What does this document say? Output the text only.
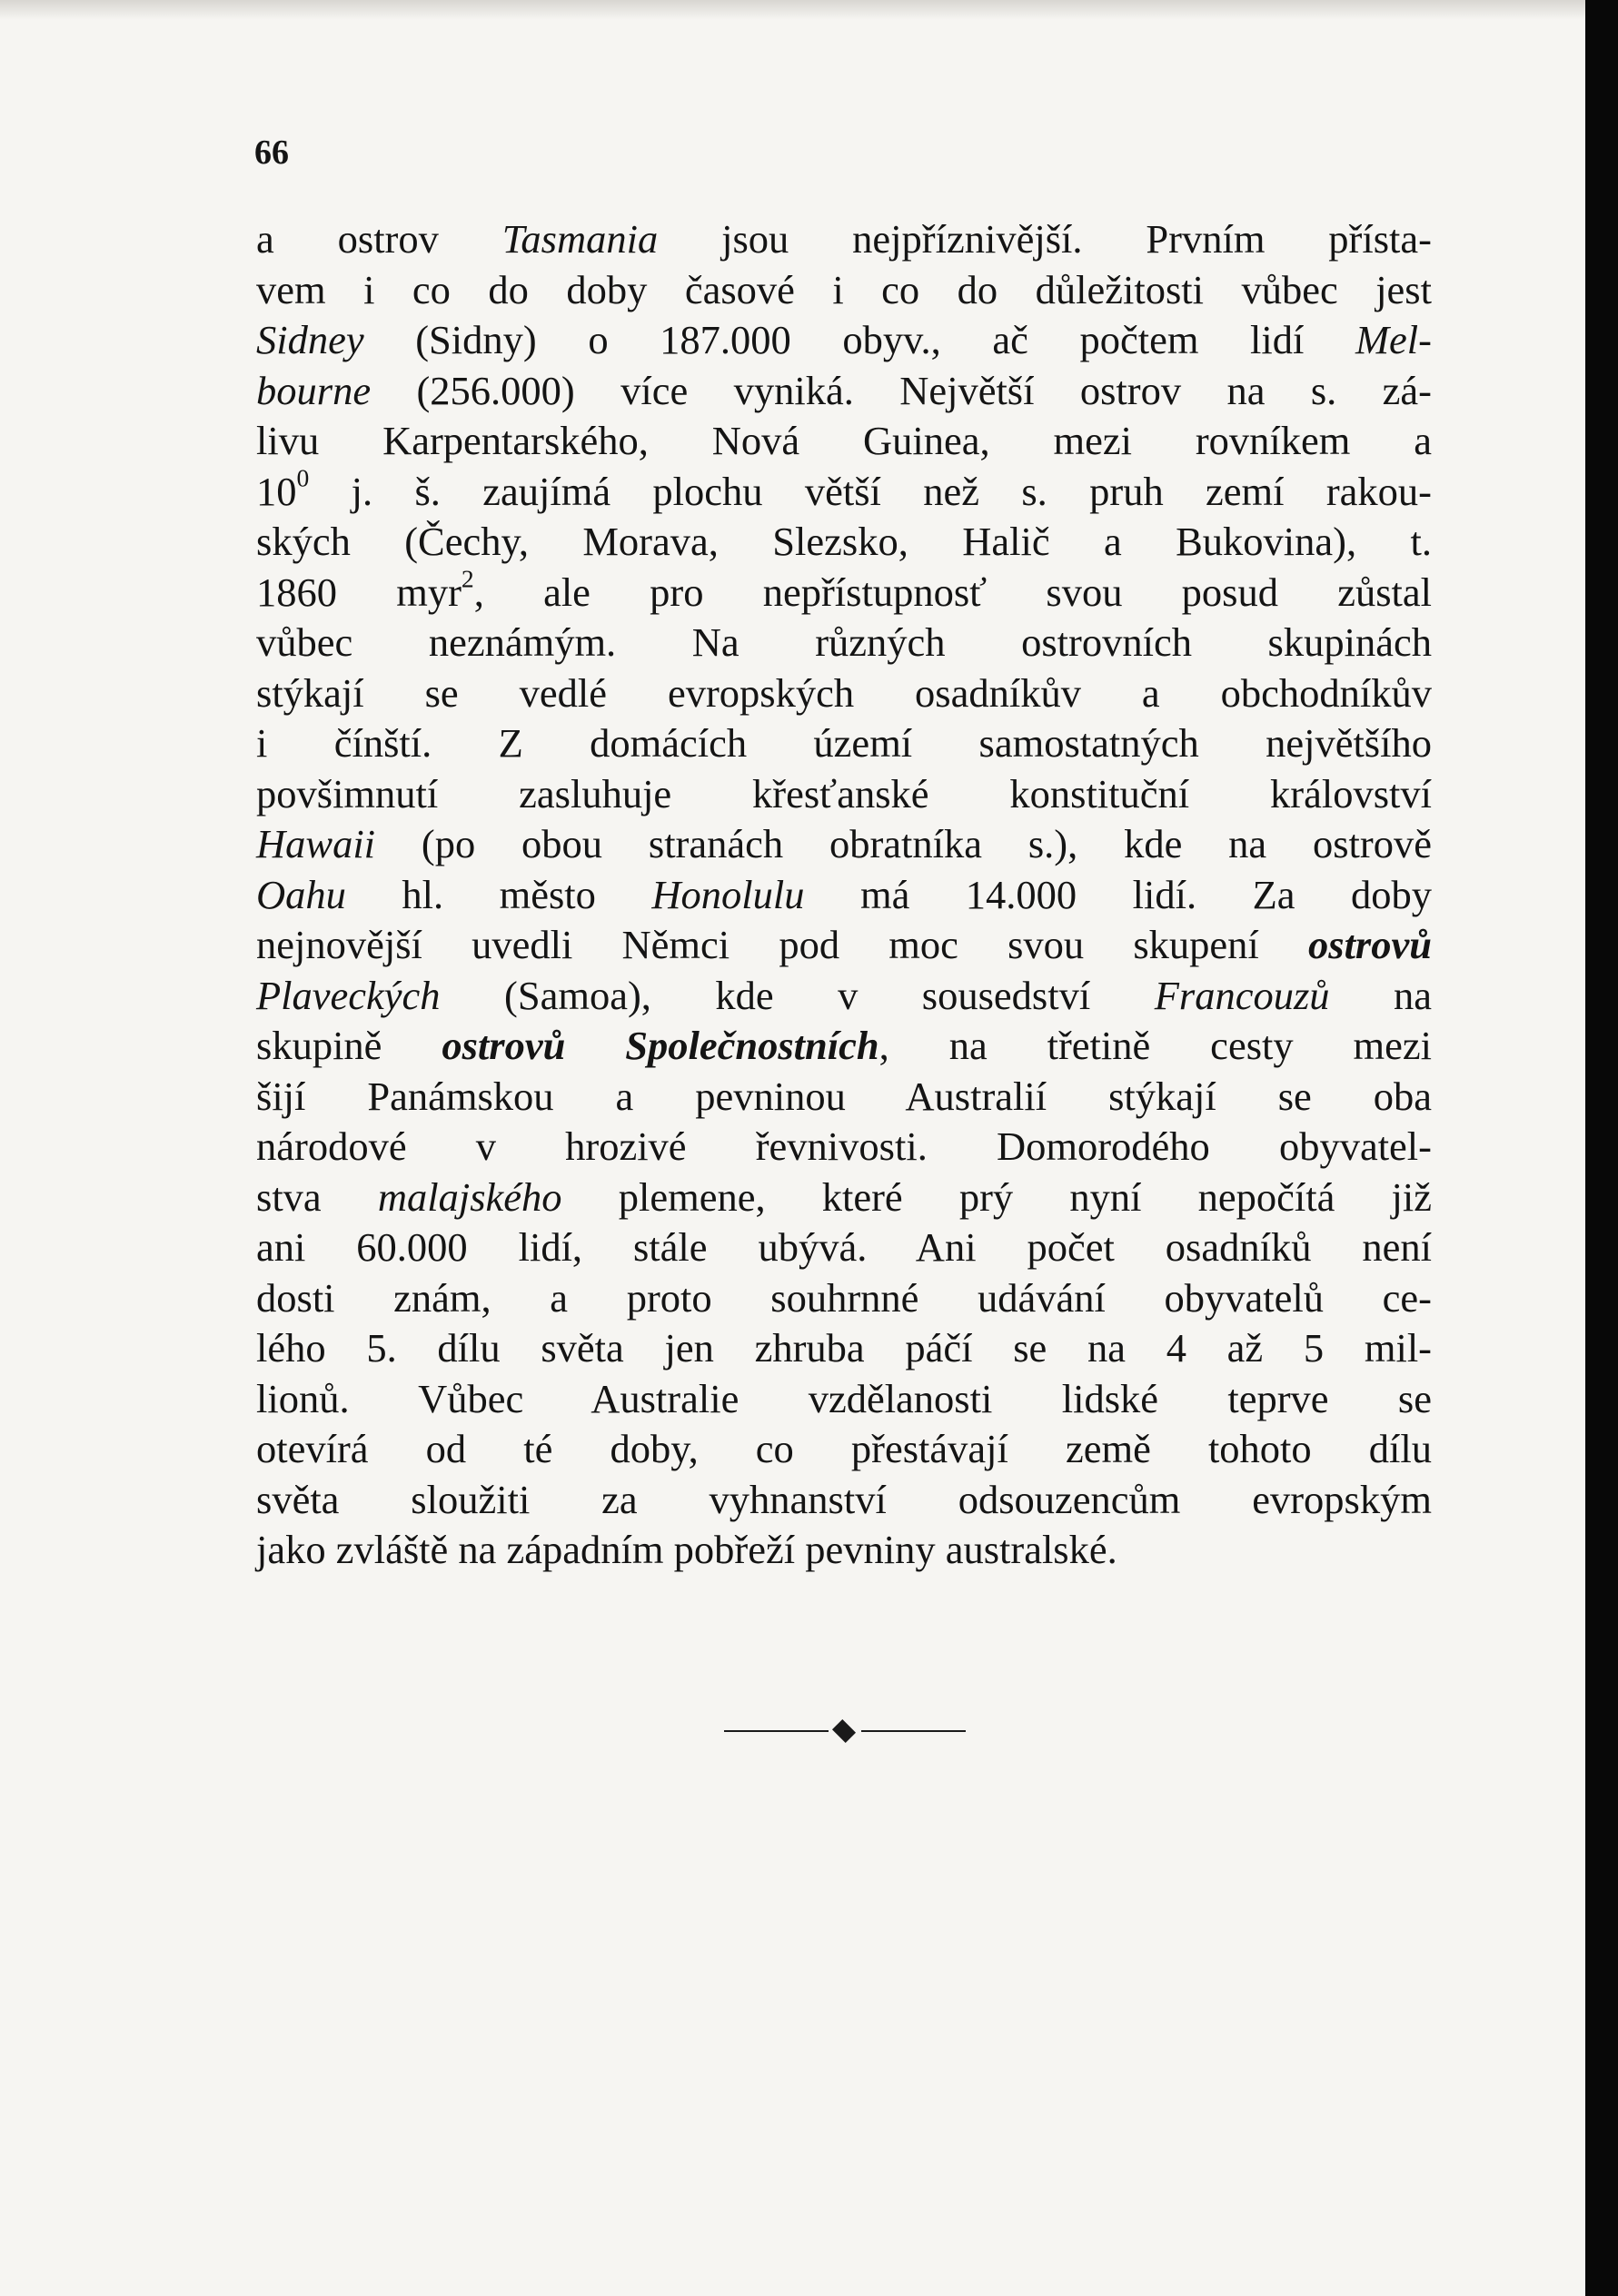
66
a ostrov Tasmania jsou nejpříznivější. Prvním přísta-
vem i co do doby časové i co do důležitosti vůbec jest
Sidney (Sidny) o 187.000 obyv., ač počtem lidí Mel-
bourne (256.000) více vyniká. Největší ostrov na s. zá-
livu Karpentarského, Nová Guinea, mezi rovníkem a
$10^0$ j. š. zaujímá plochu větší než s. pruh zemí rakou-
ských (Čechy, Morava, Slezsko, Halič a Bukovina), t.
1860 myr$^2$, ale pro nepřístupnosť svou posud zůstal
vůbec neznámým. Na různých ostrovních skupinách
stýkají se vedlé evropských osadníkův a obchodníkův
i čínští. Z domácích území samostatných největšího
povšimnutí zasluhuje křesťanské konstituční království
Hawaii (po obou stranách obratníka s.), kde na ostrově
Oahu hl. město Honolulu má 14.000 lidí. Za doby
nejnovější uvedli Němci pod moc svou skupení ostrovů
Plaveckých (Samoa), kde v sousedství Francouzů na
skupině ostrovů Společnostních, na třetině cesty mezi
šijí Panámskou a pevninou Australií stýkají se oba
národové v hrozivé řevnivosti. Domorodého obyvatel-
stva malajského plemene, které prý nyní nepočítá již
ani 60.000 lidí, stále ubývá. Ani počet osadníků není
dosti znám, a proto souhrnné udávání obyvatelů ce-
lého 5. dílu světa jen zhruba páčí se na 4 až 5 mil-
lionů. Vůbec Australie vzdělanosti lidské teprve se
otevírá od té doby, co přestávají země tohoto dílu
světa sloužiti za vyhnanství odsouzencům evropským
jako zvláště na západním pobřeží pevniny australské.
